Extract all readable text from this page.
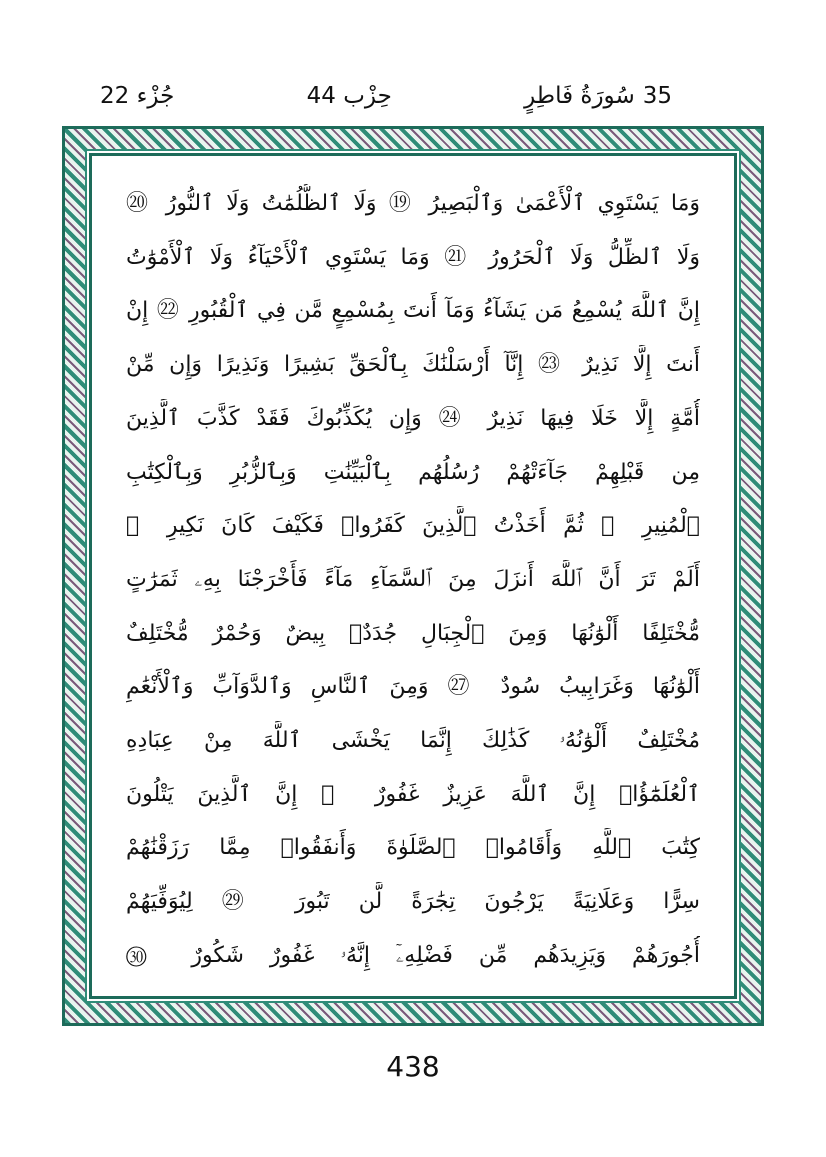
35
سُورَةُ فَاطِرٍ
حِزْب 44
جُزْء 22
وَمَا يَسْتَوِي ٱلْأَعْمَىٰ وَٱلْبَصِيرُ ⑲ وَلَا ٱلظُّلُمَٰتُ وَلَا ٱلنُّورُ ⑳
وَلَا ٱلظِّلُّ وَلَا ٱلْحَرُورُ ㉑ وَمَا يَسْتَوِي ٱلْأَحْيَآءُ وَلَا ٱلْأَمْوَٰتُ
إِنَّ ٱللَّهَ يُسْمِعُ مَن يَشَآءُ وَمَآ أَنتَ بِمُسْمِعٍ مَّن فِي ٱلْقُبُورِ ㉒ إِنْ
أَنتَ إِلَّا نَذِيرٌ ㉓ إِنَّآ أَرْسَلْنَٰكَ بِٱلْحَقِّ بَشِيرًا وَنَذِيرًا وَإِن مِّنْ
أُمَّةٍ إِلَّا خَلَا فِيهَا نَذِيرٌ ㉔ وَإِن يُكَذِّبُوكَ فَقَدْ كَذَّبَ ٱلَّذِينَ
مِن قَبْلِهِمْ جَآءَتْهُمْ رُسُلُهُم بِٱلْبَيِّنَٰتِ وَبِٱلزُّبُرِ وَبِٱلْكِتَٰبِ
ٱلْمُنِيرِ ㉕ ثُمَّ أَخَذْتُ ٱلَّذِينَ كَفَرُوا۟ فَكَيْفَ كَانَ نَكِيرِ ㉖
أَلَمْ تَرَ أَنَّ ٱللَّهَ أَنزَلَ مِنَ ٱلسَّمَآءِ مَآءً فَأَخْرَجْنَا بِهِۦ ثَمَرَٰتٍ
مُّخْتَلِفًا أَلْوَٰنُهَا وَمِنَ ٱلْجِبَالِ جُدَدٌۢ بِيضٌ وَحُمْرٌ مُّخْتَلِفٌ
أَلْوَٰنُهَا وَغَرَابِيبُ سُودٌ ㉗ وَمِنَ ٱلنَّاسِ وَٱلدَّوَآبِّ وَٱلْأَنْعَٰمِ
مُخْتَلِفٌ أَلْوَٰنُهُۥ كَذَٰلِكَ إِنَّمَا يَخْشَى ٱللَّهَ مِنْ عِبَادِهِ
ٱلْعُلَمَٰٓؤُا۟ إِنَّ ٱللَّهَ عَزِيزٌ غَفُورٌ ㉘ إِنَّ ٱلَّذِينَ يَتْلُونَ
كِتَٰبَ ٱللَّهِ وَأَقَامُوا۟ ٱلصَّلَوٰةَ وَأَنفَقُوا۟ مِمَّا رَزَقْنَٰهُمْ
سِرًّا وَعَلَانِيَةً يَرْجُونَ تِجَٰرَةً لَّن تَبُورَ ㉙ لِيُوَفِّيَهُمْ
أُجُورَهُمْ وَيَزِيدَهُم مِّن فَضْلِهِۦٓ إِنَّهُۥ غَفُورٌ شَكُورٌ ㉚
438
